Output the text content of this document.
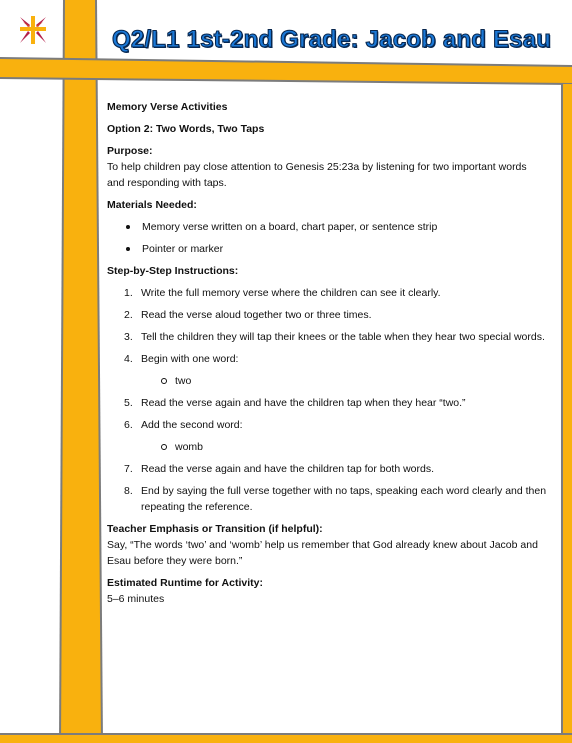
Q2/L1 1st-2nd Grade: Jacob and Esau

Memory Verse Activities

Option 2: Two Words, Two Taps

Purpose:

To help children pay close attention to Genesis 25:23a by listening for two important words and responding with taps.

Materials Needed:

Memory verse written on a board, chart paper, or sentence strip
Pointer or marker

Step-by-Step Instructions:

1. Write the full memory verse where the children can see it clearly.
2. Read the verse aloud together two or three times.
3. Tell the children they will tap their knees or the table when they hear two special words.
4. Begin with one word:
two
5. Read the verse again and have the children tap when they hear “two.”
6. Add the second word:
womb
7. Read the verse again and have the children tap for both words.
8. End by saying the full verse together with no taps, speaking each word clearly and then repeating the reference.

Teacher Emphasis or Transition (if helpful):

Say, “The words ‘two’ and ‘womb’ help us remember that God already knew about Jacob and Esau before they were born.”

Estimated Runtime for Activity:

5–6 minutes
